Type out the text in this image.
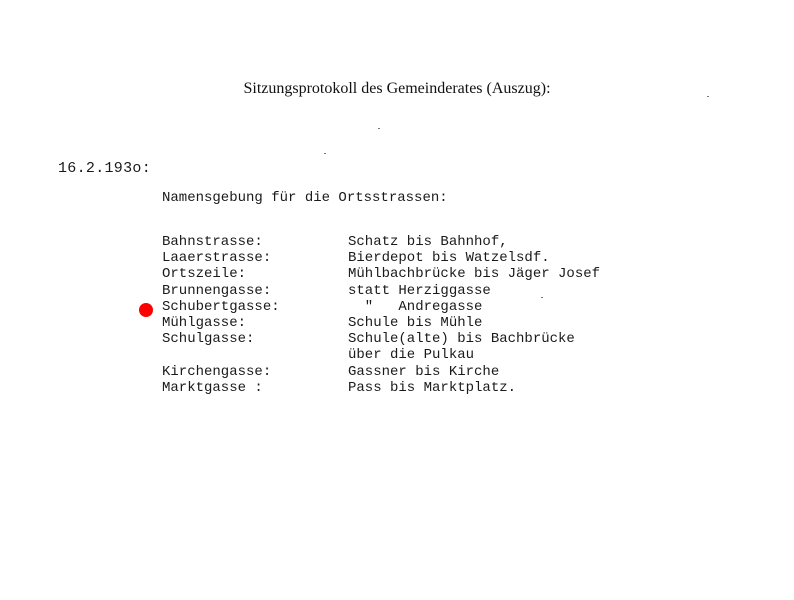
Sitzungsprotokoll des Gemeinderates (Auszug):
16.2.193o:
Namensgebung für die Ortsstrassen:
Bahnstrasse:	Schatz bis Bahnhof,
Laaerstrasse:	Bierdepot bis Watzelsdf.
Ortszeile:	Mühlbachbrücke bis Jäger Josef
Brunnengasse:	statt Herziggasse
Schubertgasse:	"   Andregasse
Mühlgasse:	Schule bis Mühle
Schulgasse:	Schule(alte) bis Bachbrücke
über die Pulkau
Kirchengasse:	Gassner bis Kirche
Marktgasse :	Pass bis Marktplatz.
